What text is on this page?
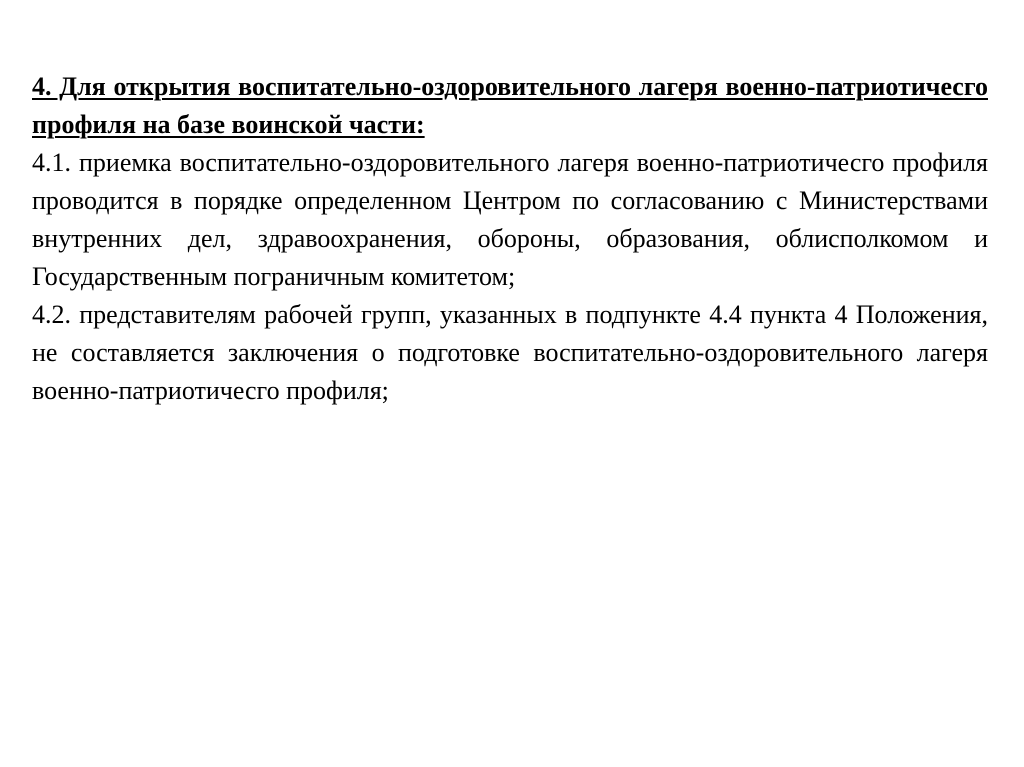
4. Для открытия воспитательно-оздоровительного лагеря военно-патриотичесго профиля на базе воинской части:

4.1. приемка воспитательно-оздоровительного лагеря военно-патриотичесго профиля проводится в порядке определенном Центром по согласованию с Министерствами внутренних дел, здравоохранения, обороны, образования, облисполкомом и Государственным пограничным комитетом;

4.2. представителям рабочей групп, указанных в подпункте 4.4 пункта 4 Положения, не составляется заключения о подготовке воспитательно-оздоровительного лагеря военно-патриотичесго профиля;
